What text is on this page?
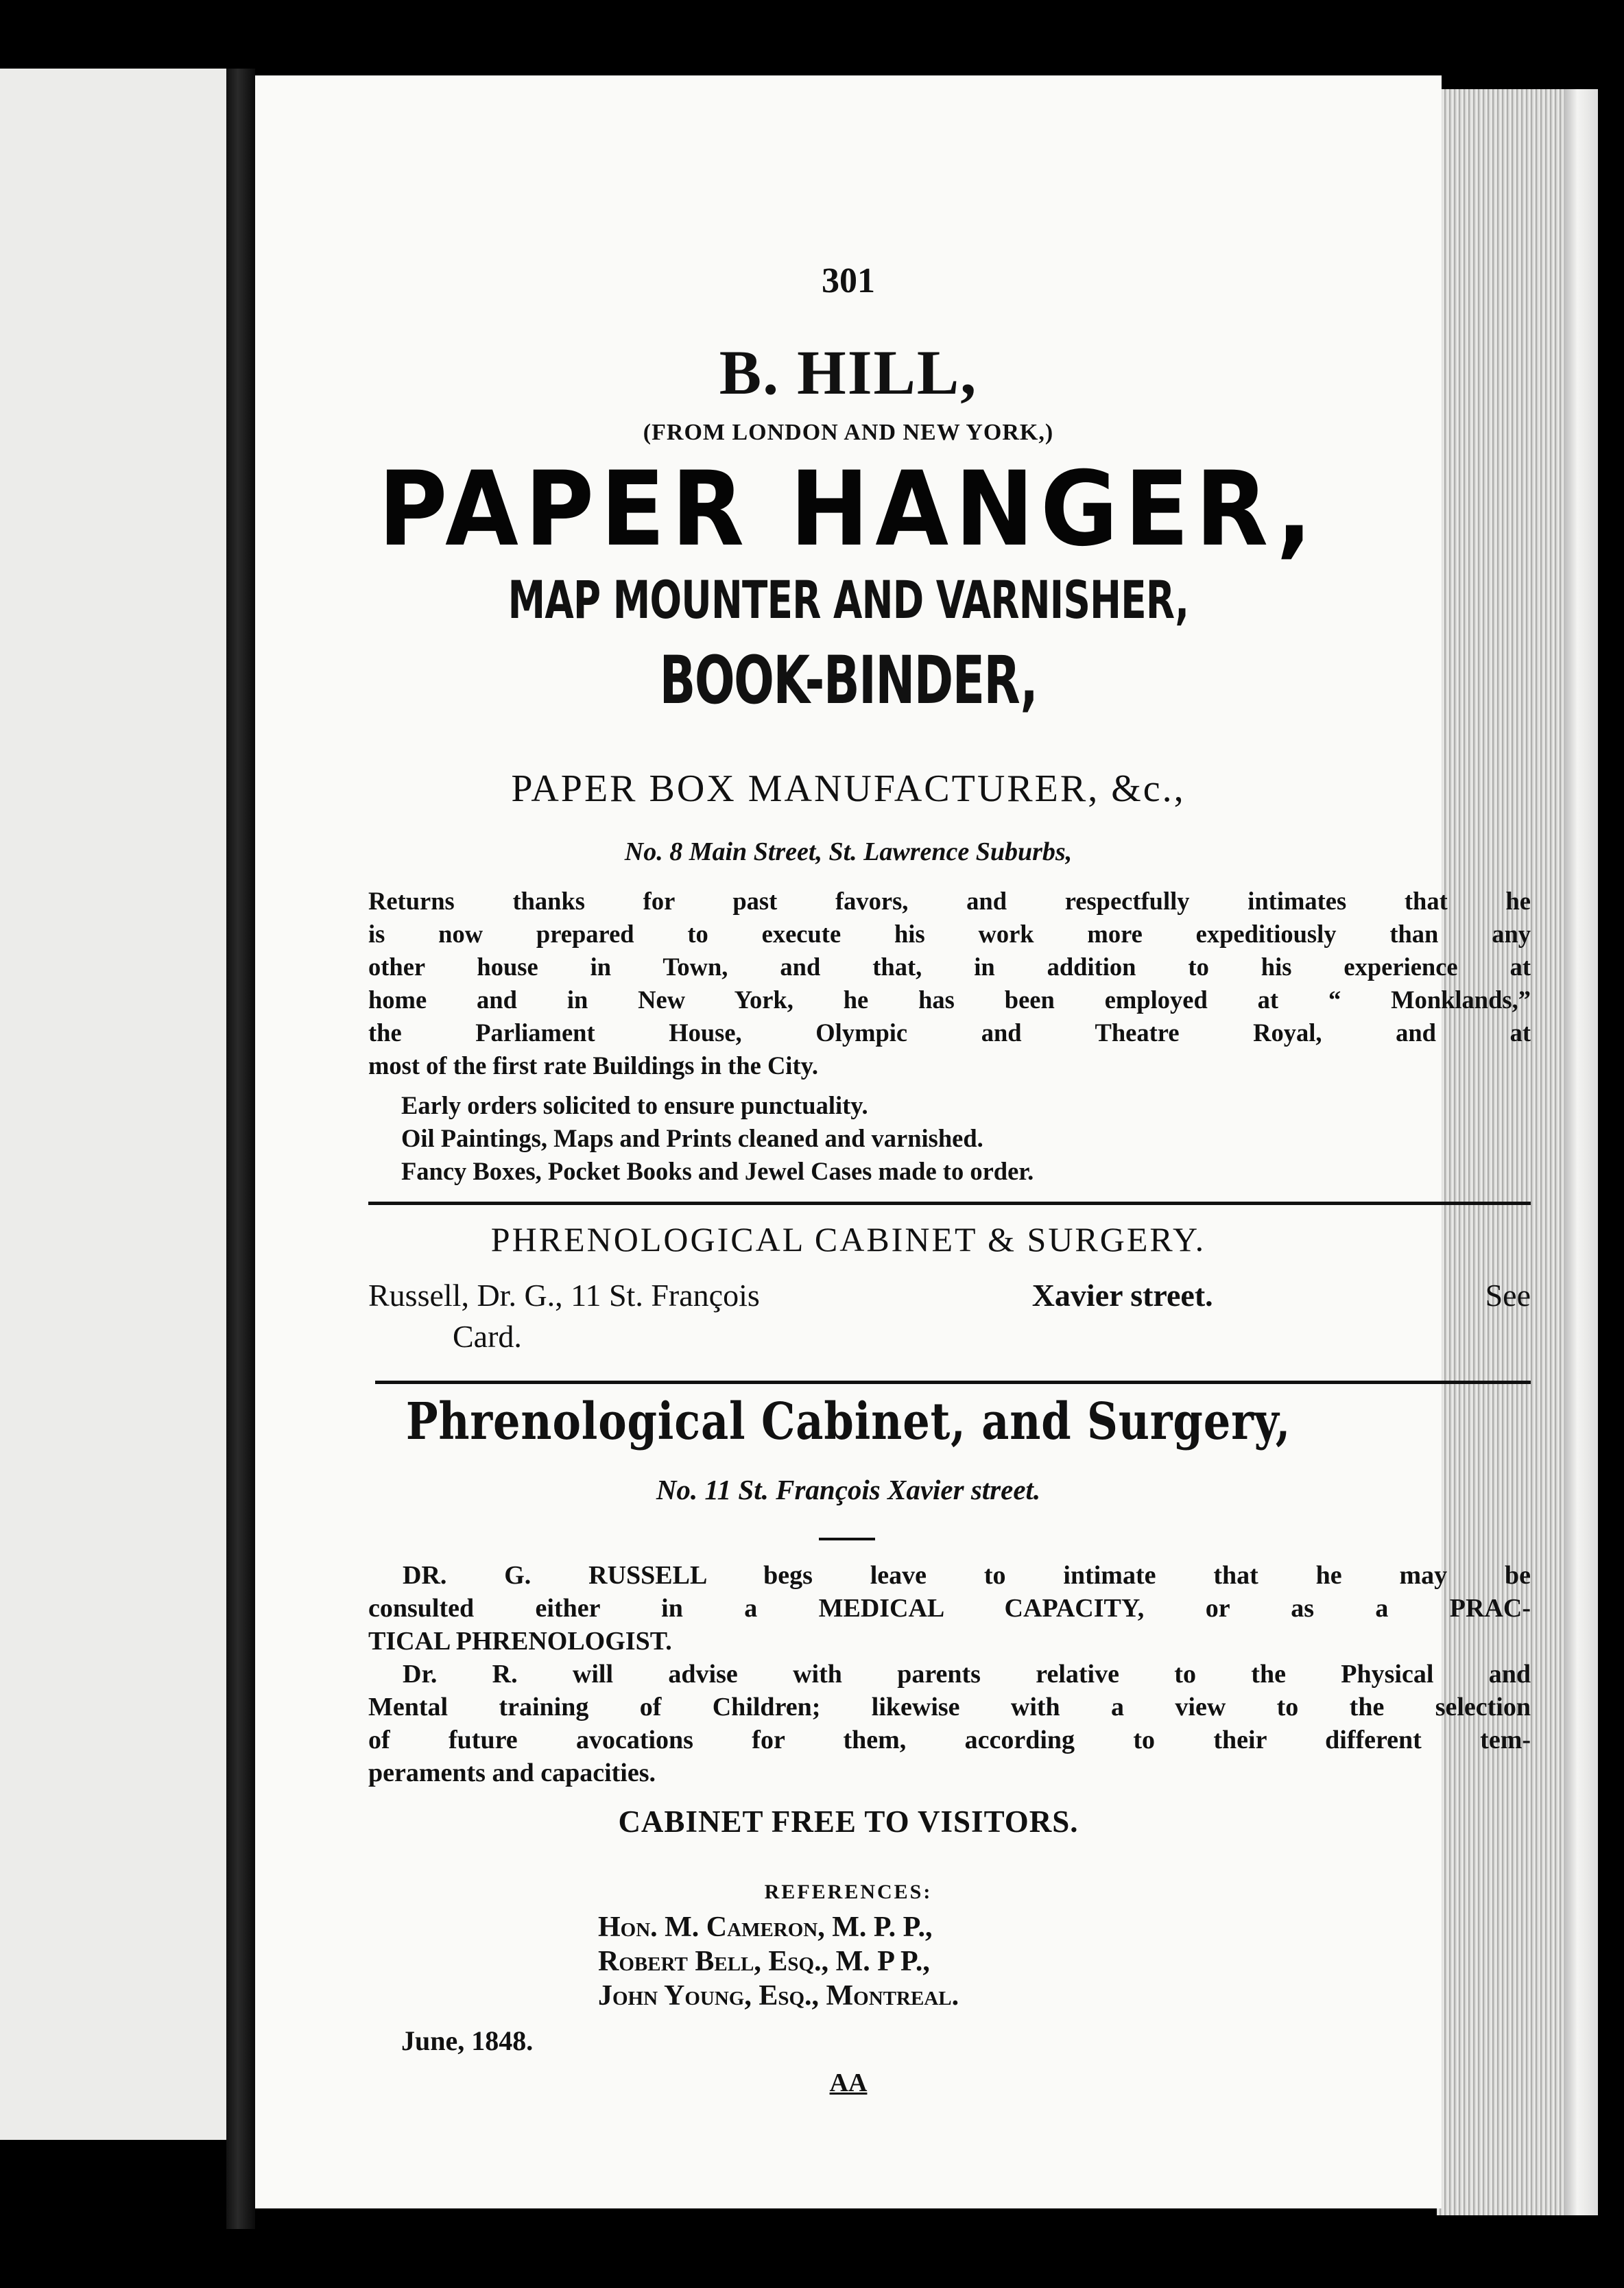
301

B. HILL,

(FROM LONDON AND NEW YORK,)

PAPER HANGER,

MAP MOUNTER AND VARNISHER,

BOOK-BINDER,

PAPER BOX MANUFACTURER, &c.,

No. 8 Main Street, St. Lawrence Suburbs,

Returns thanks for past favors, and respectfully intimates that he
is now prepared to execute his work more expeditiously than any
other house in Town, and that, in addition to his experience at
home and in New York, he has been employed at “ Monklands,”
the Parliament House, Olympic and Theatre Royal, and at
most of the first rate Buildings in the City.
Early orders solicited to ensure punctuality.
Oil Paintings, Maps and Prints cleaned and varnished.
Fancy Boxes, Pocket Books and Jewel Cases made to order.

PHRENOLOGICAL CABINET & SURGERY.

Russell, Dr. G., 11 St. François	Xavier street.	See
Card.

Phrenological Cabinet, and Surgery,

No. 11 St. François Xavier street.

DR. G. RUSSELL begs leave to intimate that he may be
consulted either in a MEDICAL CAPACITY, or as a PRAC-
TICAL PHRENOLOGIST.
Dr. R. will advise with parents relative to the Physical and
Mental training of Children; likewise with a view to the selection
of future avocations for them, according to their different tem-
peraments and capacities.

CABINET FREE TO VISITORS.

REFERENCES:

Hon. M. Cameron, M. P. P.,
Robert Bell, Esq., M. P P.,
John Young, Esq., Montreal.
June, 1848.

AA
